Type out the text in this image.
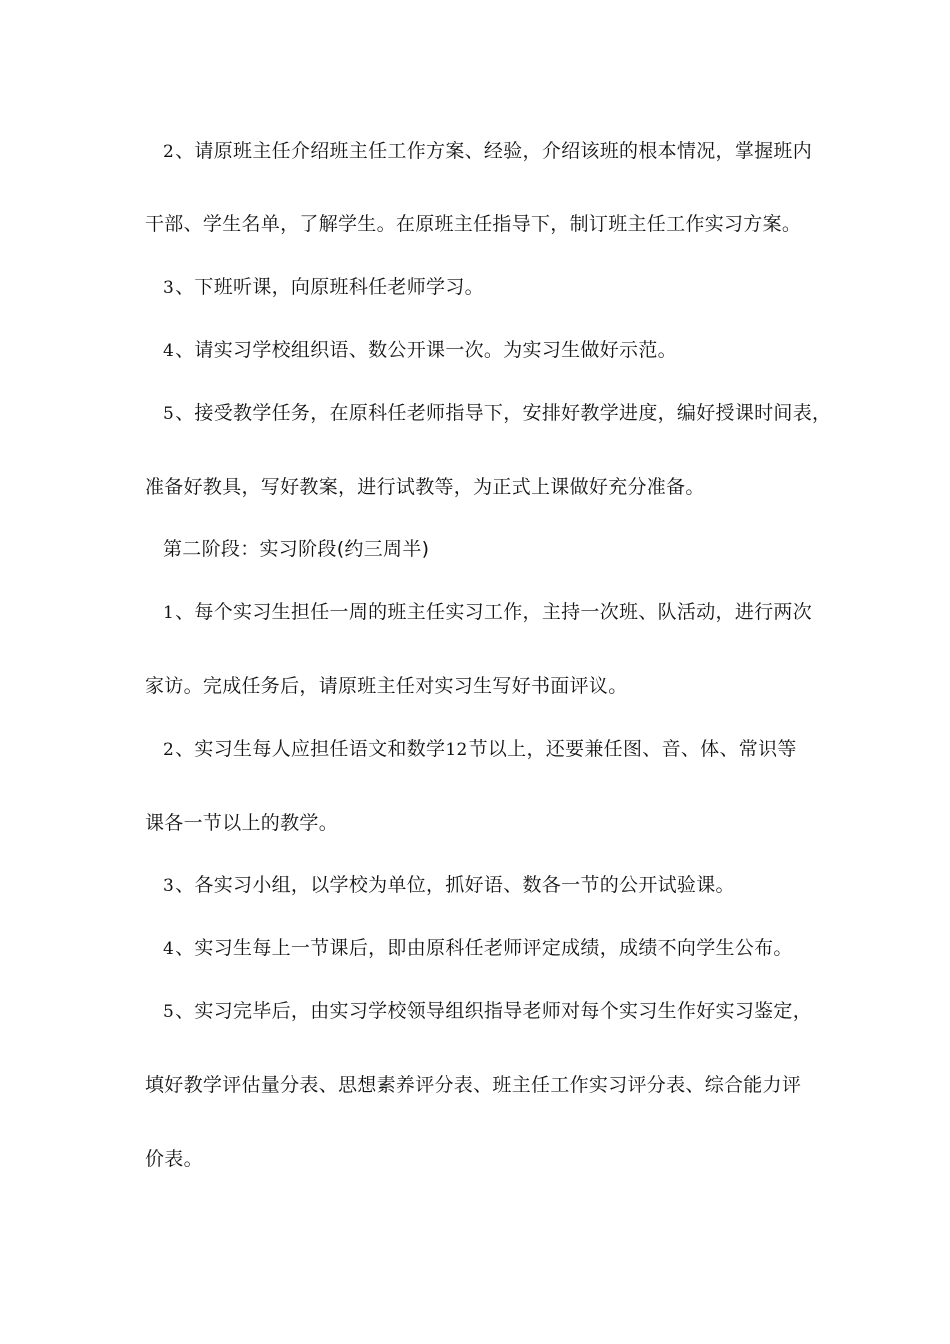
2、请原班主任介绍班主任工作方案、经验，介绍该班的根本情况，掌握班内
干部、学生名单，了解学生。在原班主任指导下，制订班主任工作实习方案。
3、下班听课，向原班科任老师学习。
4、请实习学校组织语、数公开课一次。为实习生做好示范。
5、接受教学任务，在原科任老师指导下，安排好教学进度，编好授课时间表，
准备好教具，写好教案，进行试教等，为正式上课做好充分准备。
第二阶段：实习阶段(约三周半)
1、每个实习生担任一周的班主任实习工作，主持一次班、队活动，进行两次
家访。完成任务后，请原班主任对实习生写好书面评议。
2、实习生每人应担任语文和数学12节以上，还要兼任图、音、体、常识等
课各一节以上的教学。
3、各实习小组，以学校为单位，抓好语、数各一节的公开试验课。
4、实习生每上一节课后，即由原科任老师评定成绩，成绩不向学生公布。
5、实习完毕后，由实习学校领导组织指导老师对每个实习生作好实习鉴定，
填好教学评估量分表、思想素养评分表、班主任工作实习评分表、综合能力评
价表。
